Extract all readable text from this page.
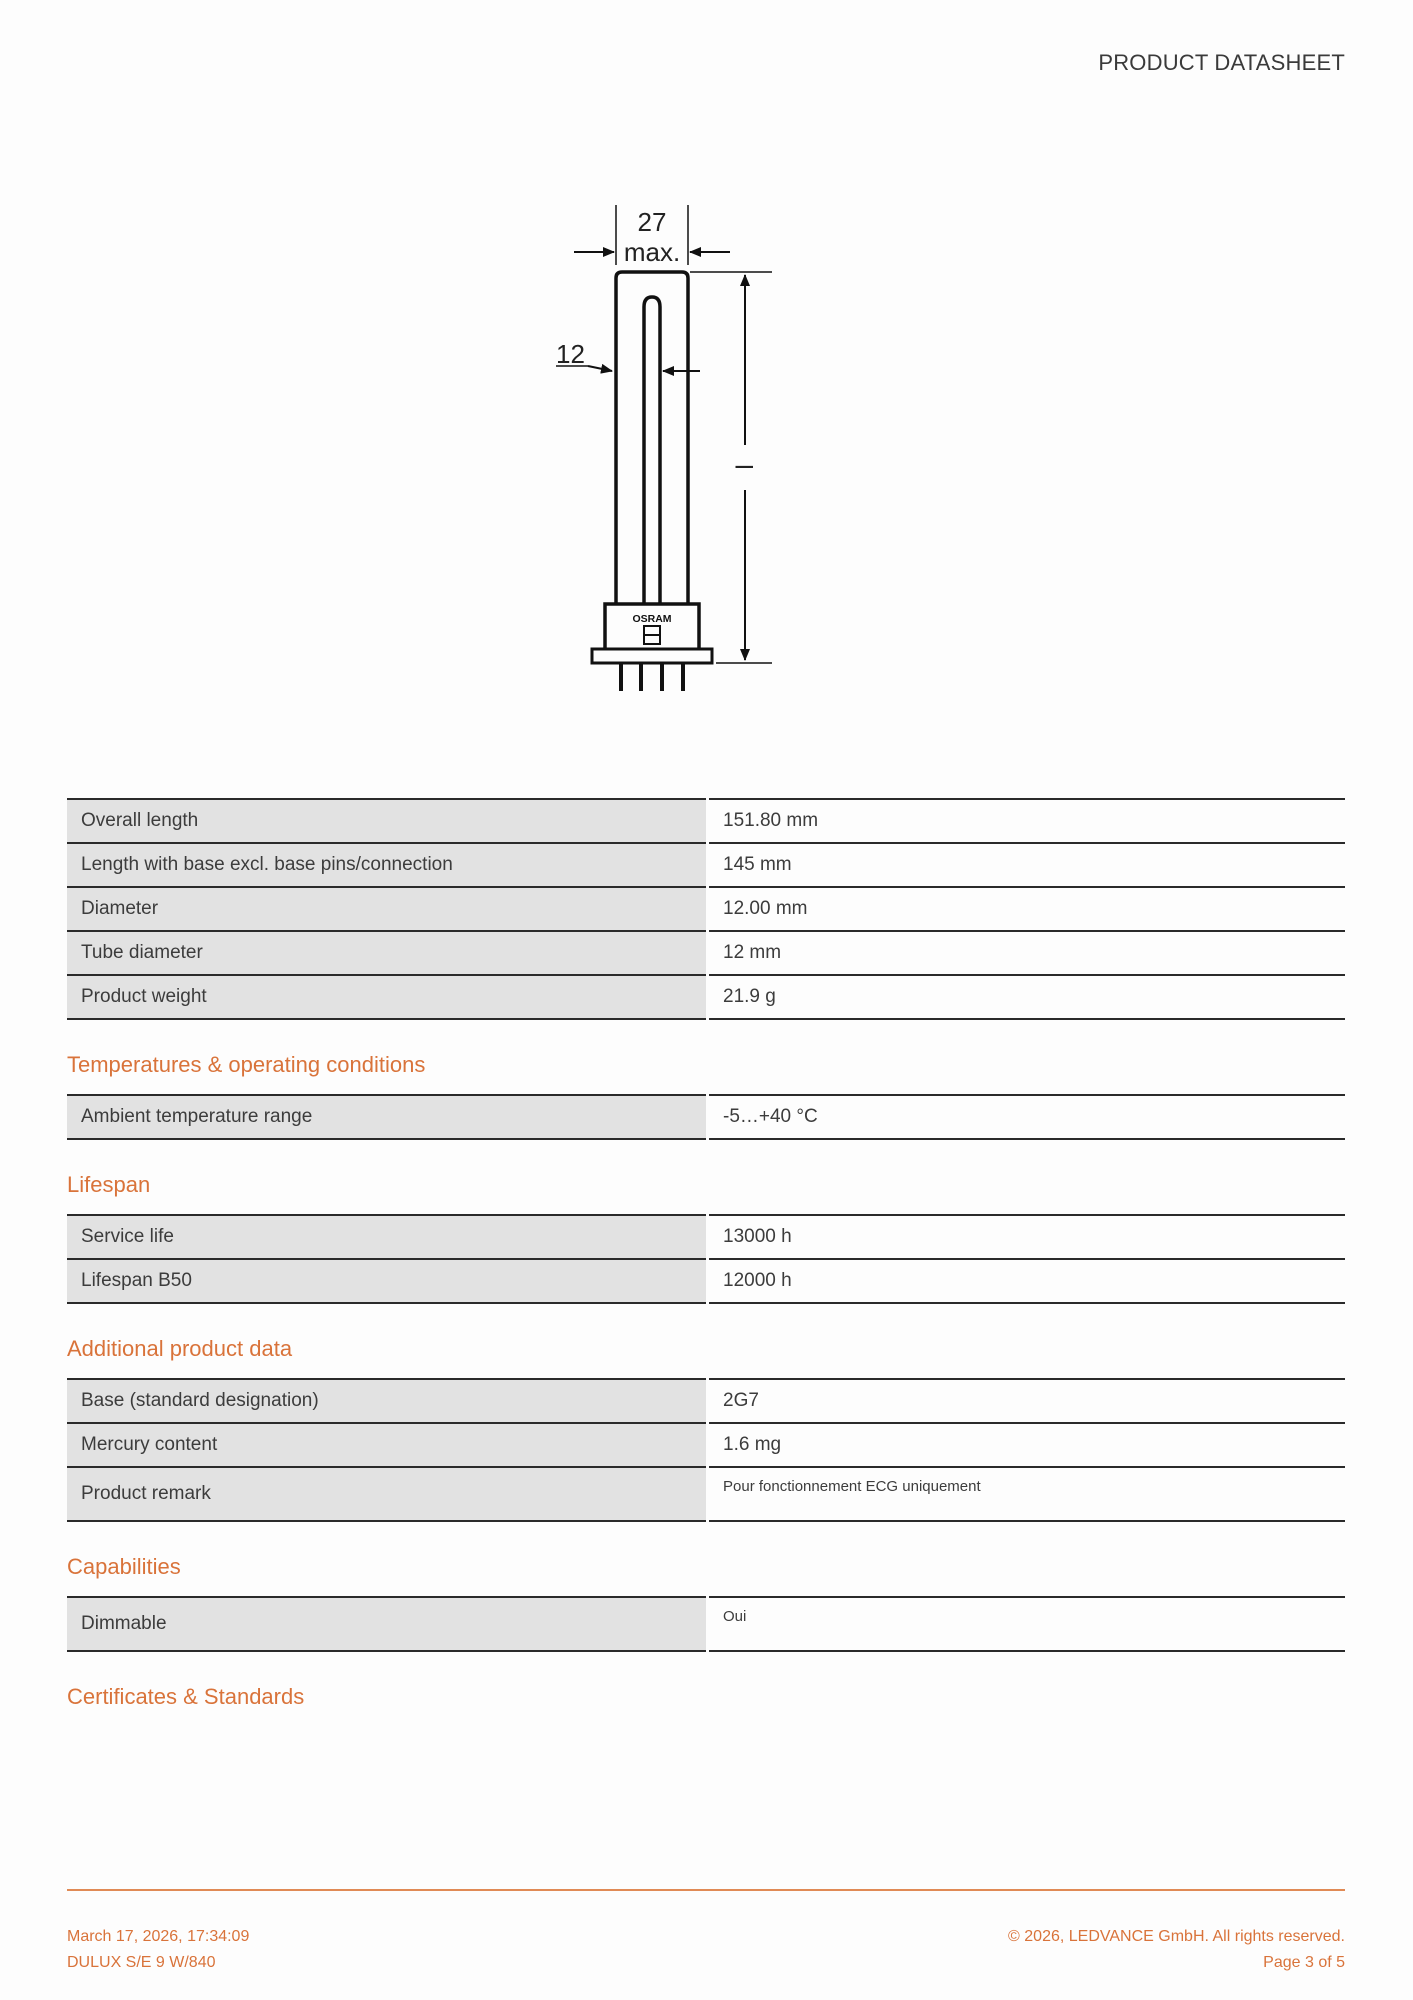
PRODUCT DATASHEET
27
max.
12
OSRAM
l
Overall length	151.80 mm
Length with base excl. base pins/connection	145 mm
Diameter	12.00 mm
Tube diameter	12 mm
Product weight	21.9 g
Temperatures & operating conditions
Ambient temperature range	-5…+40 °C
Lifespan
Service life	13000 h
Lifespan B50	12000 h
Additional product data
Base (standard designation)	2G7
Mercury content	1.6 mg
Product remark	Pour fonctionnement ECG uniquement
Capabilities
Dimmable	Oui
Certificates & Standards
March 17, 2026, 17:34:09
DULUX S/E 9 W/840
© 2026, LEDVANCE GmbH. All rights reserved.
Page 3 of 5
